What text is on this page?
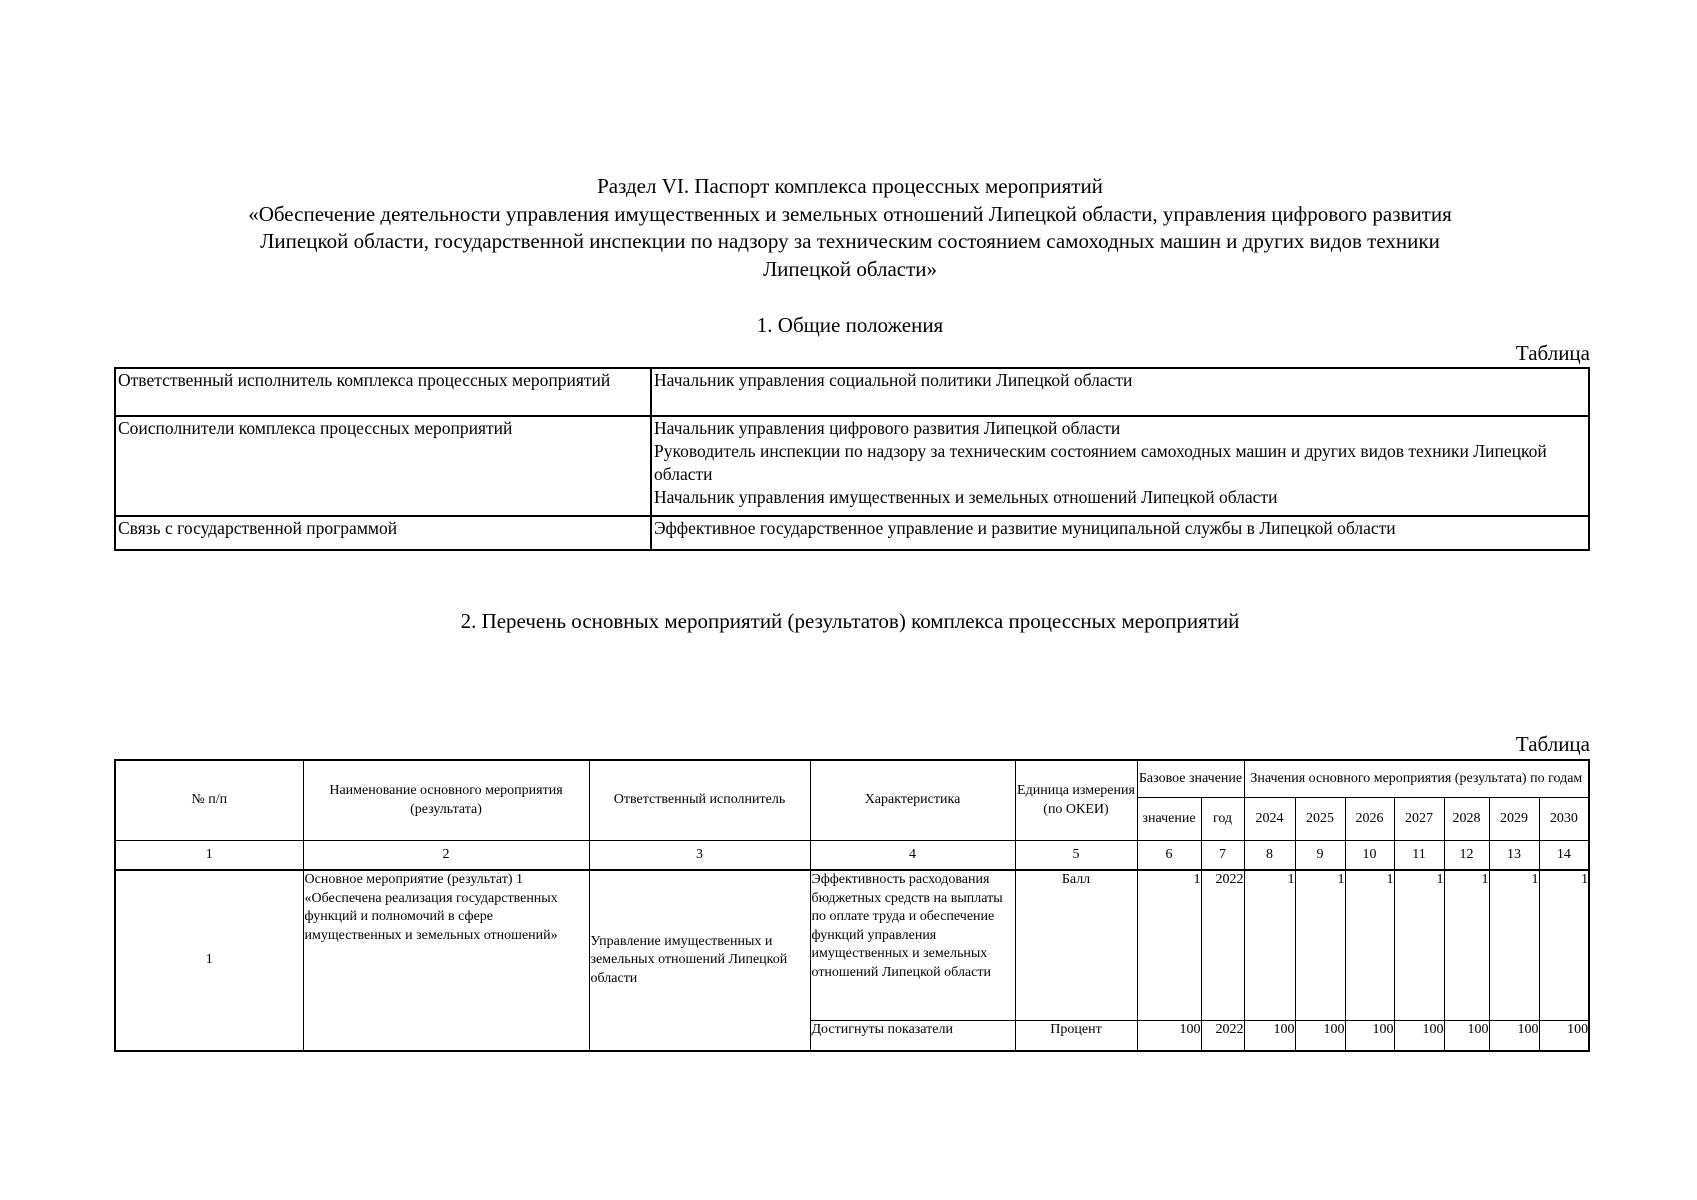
Раздел VI. Паспорт комплекса процессных мероприятий
«Обеспечение деятельности управления имущественных и земельных отношений Липецкой области, управления цифрового развития
Липецкой области, государственной инспекции по надзору за техническим состоянием самоходных машин и других видов техники
Липецкой области»
1. Общие положения
Таблица
Ответственный исполнитель комплекса процессных мероприятий	Начальник управления социальной политики Липецкой области

Соисполнители комплекса процессных мероприятий	Начальник управления цифрового развития Липецкой области
Руководитель инспекции по надзору за техническим состоянием самоходных машин и других видов техники Липецкой области
Начальник управления имущественных и земельных отношений Липецкой области

Связь с государственной программой	Эффективное государственное управление и развитие муниципальной службы в Липецкой области
2. Перечень основных мероприятий (результатов) комплекса процессных мероприятий
Таблица
№ п/п	Наименование основного мероприятия (результата)	Ответственный исполнитель	Характеристика	Единица измерения (по ОКЕИ)	Базовое значение		Значения основного мероприятия (результата) по годам						
					значение	год	2024	2025	2026	2027	2028	2029	2030
1	2	3	4	5	6	7	8	9	10	11	12	13	14
1	Основное мероприятие (результат) 1 «Обеспечена реализация государственных функций и полномочий в сфере имущественных и земельных отношений»	Управление имущественных и земельных отношений Липецкой области	Эффективность расходования бюджетных средств на выплаты по оплате труда и обеспечение функций управления имущественных и земельных отношений Липецкой области	Балл	1	2022	1	1	1	1	1	1	1
			Достигнуты показатели	Процент	100	2022	100	100	100	100	100	100	100
